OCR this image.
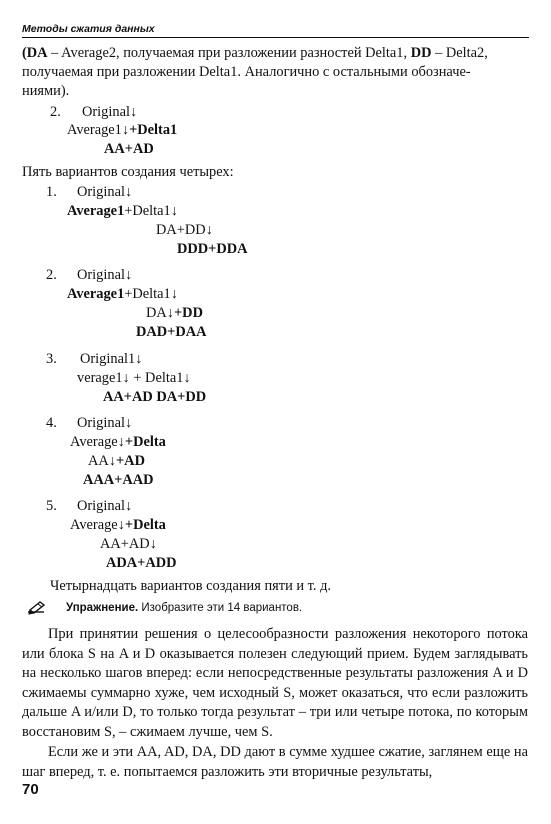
Методы сжатия данных
(DA – Average2, получаемая при разложении разностей Delta1, DD – Delta2,
получаемая при разложении Delta1. Аналогично с остальными обозначе-
ниями).
2. Original↓
Average1↓+Delta1
AA+AD
Пять вариантов создания четырех:
1. Original↓
Average1+Delta1↓
DA+DD↓
DDD+DDA
2. Original↓
Average1+Delta1↓
DA↓+DD
DAD+DAA
3. Original1↓
verage1↓ + Delta1↓
AA+AD DA+DD
4. Original↓
Average↓+Delta
AA↓+AD
AAA+AAD
5. Original↓
Average↓+Delta
AA+AD↓
ADA+ADD
Четырнадцать вариантов создания пяти и т. д.
Упражнение. Изобразите эти 14 вариантов.
При принятии решения о целесообразности разложения некоторого потока или блока S на A и D оказывается полезен следующий прием. Будем заглядывать на несколько шагов вперед: если непосредственные результаты разложения A и D сжимаемы суммарно хуже, чем исходный S, может оказаться, что если разложить дальше A и/или D, то только тогда результат – три или четыре потока, по которым восстановим S, – сжимаем лучше, чем S.
Если же и эти AA, AD, DA, DD дают в сумме худшее сжатие, заглянем еще на шаг вперед, т. е. попытаемся разложить эти вторичные результаты,
70
